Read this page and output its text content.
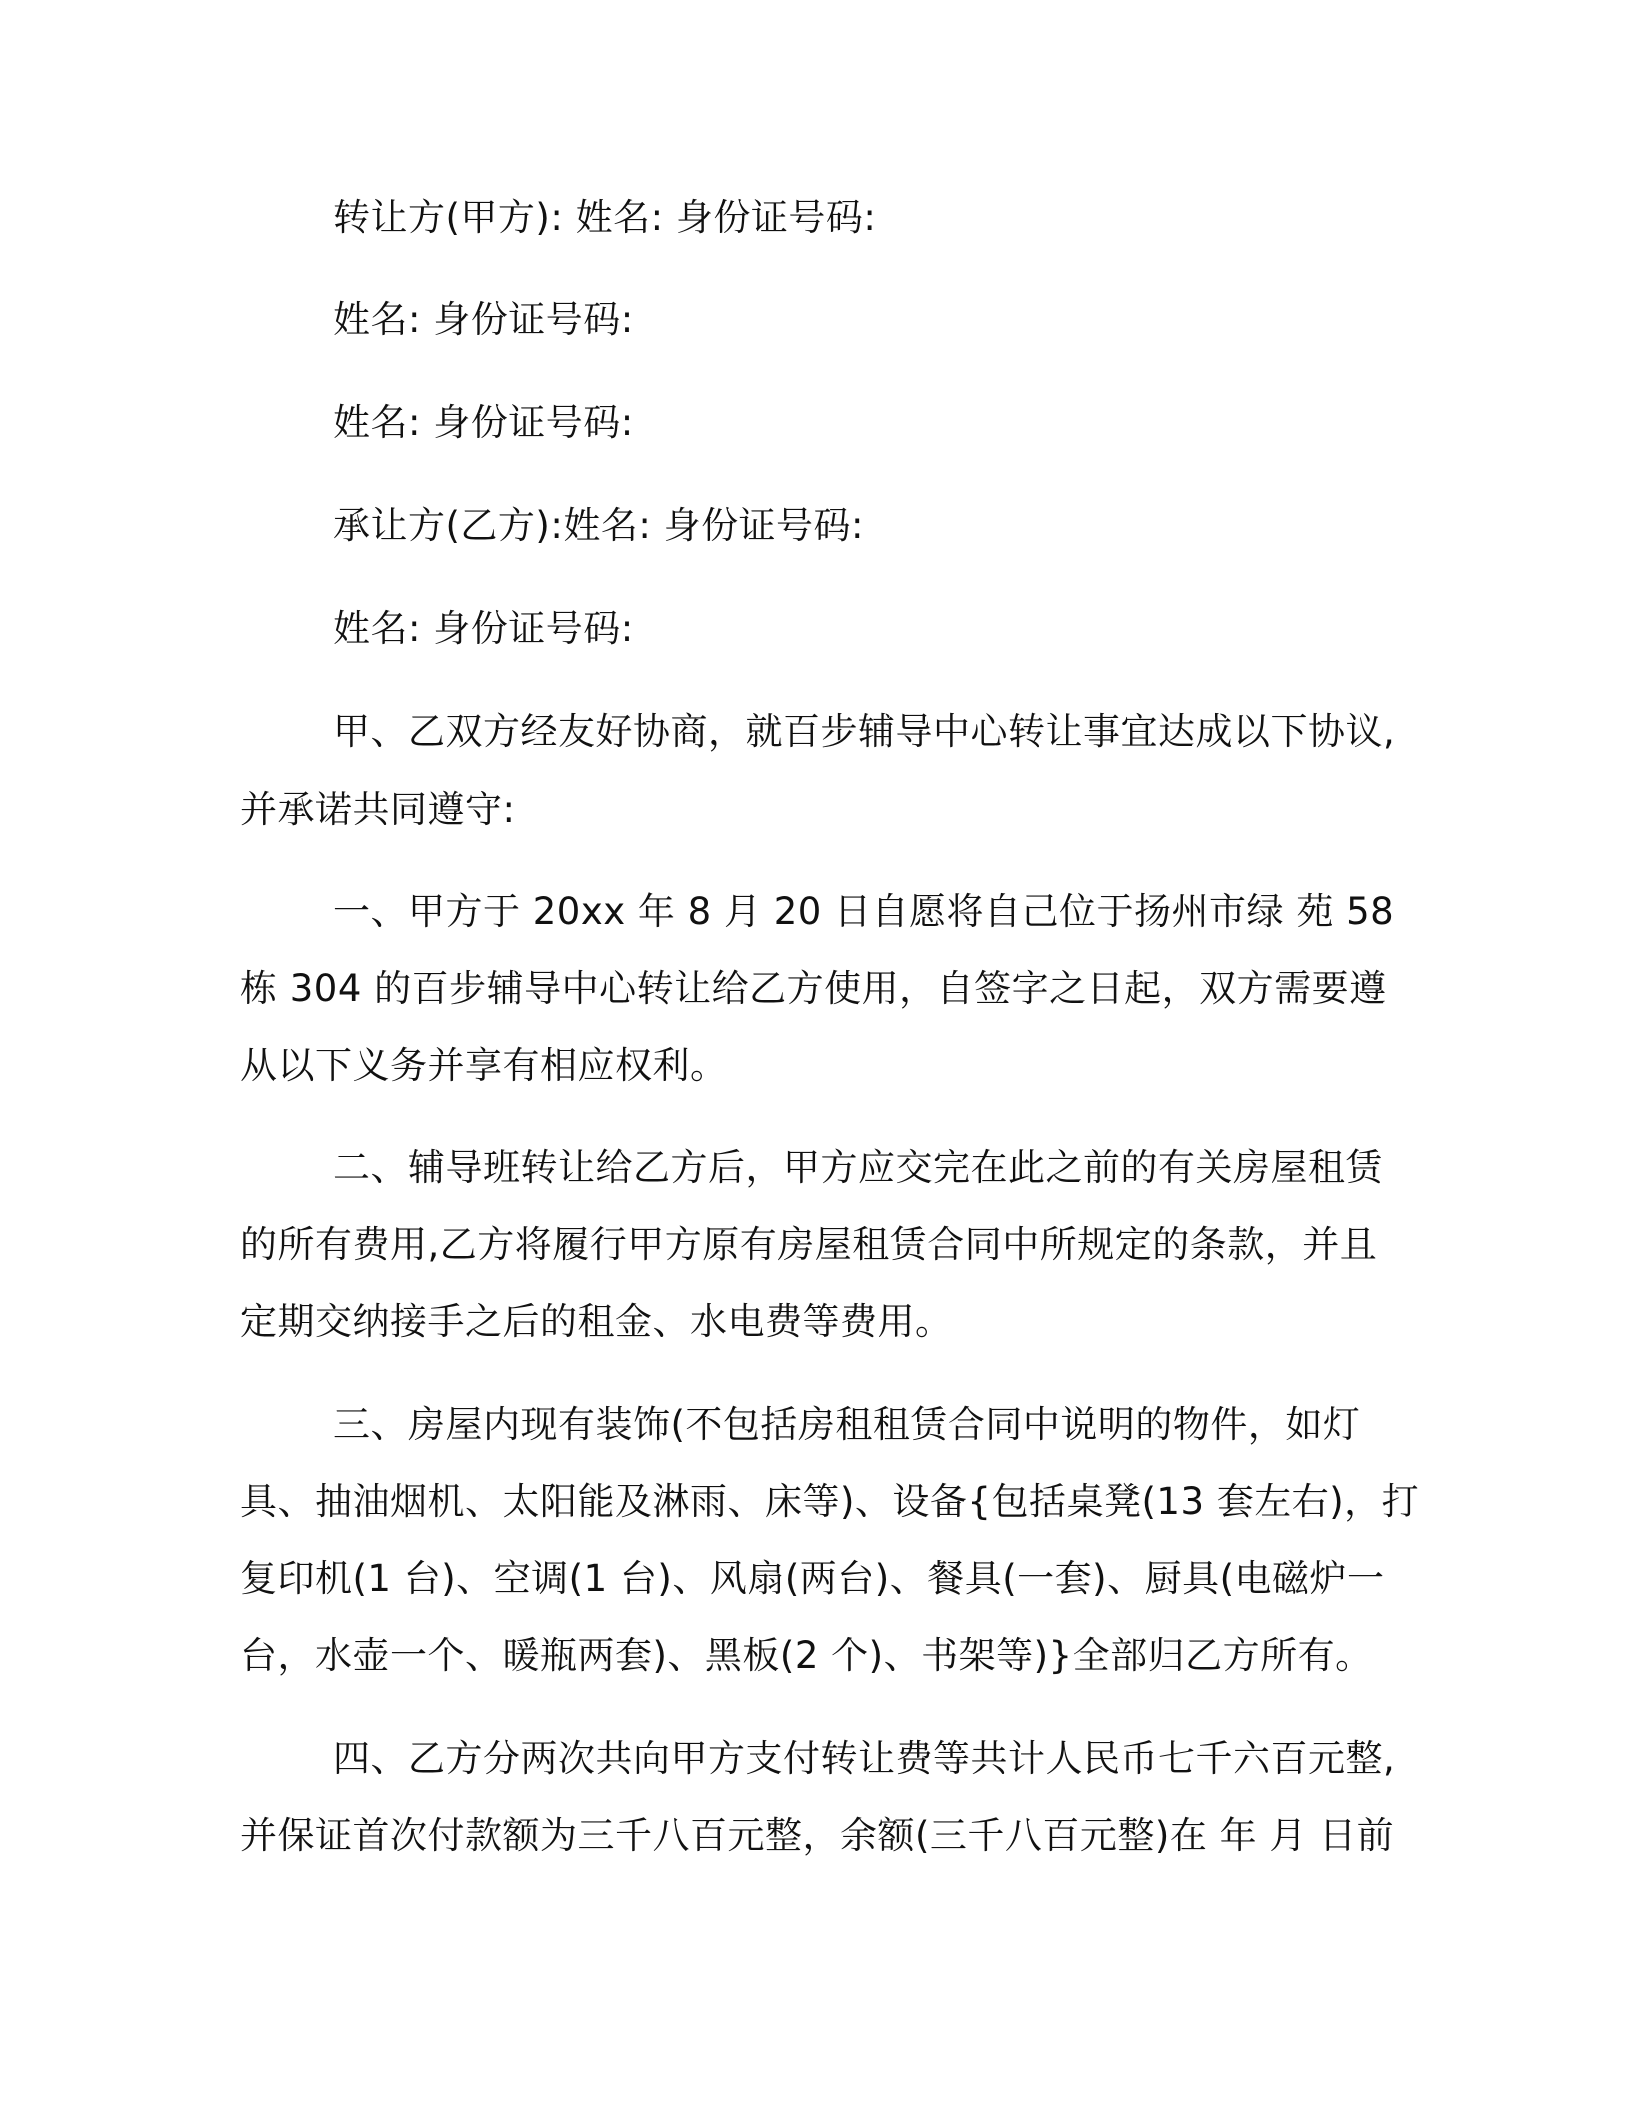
转让方(甲方): 姓名: 身份证号码:

姓名: 身份证号码:

姓名: 身份证号码:

承让方(乙方):姓名: 身份证号码:

姓名: 身份证号码:

甲、乙双方经友好协商，就百步辅导中心转让事宜达成以下协议,

并承诺共同遵守:

一、甲方于 20xx 年 8 月 20 日自愿将自己位于扬州市绿 苑 58

栋 304 的百步辅导中心转让给乙方使用，自签字之日起，双方需要遵

从以下义务并享有相应权利。

二、辅导班转让给乙方后，甲方应交完在此之前的有关房屋租赁

的所有费用,乙方将履行甲方原有房屋租赁合同中所规定的条款，并且

定期交纳接手之后的租金、水电费等费用。

三、房屋内现有装饰(不包括房租租赁合同中说明的物件，如灯

具、抽油烟机、太阳能及淋雨、床等)、设备{包括桌凳(13 套左右)，打

复印机(1 台)、空调(1 台)、风扇(两台)、餐具(一套)、厨具(电磁炉一

台，水壶一个、暖瓶两套)、黑板(2 个)、书架等)}全部归乙方所有。

四、乙方分两次共向甲方支付转让费等共计人民币七千六百元整,

并保证首次付款额为三千八百元整，余额(三千八百元整)在 年 月 日前
